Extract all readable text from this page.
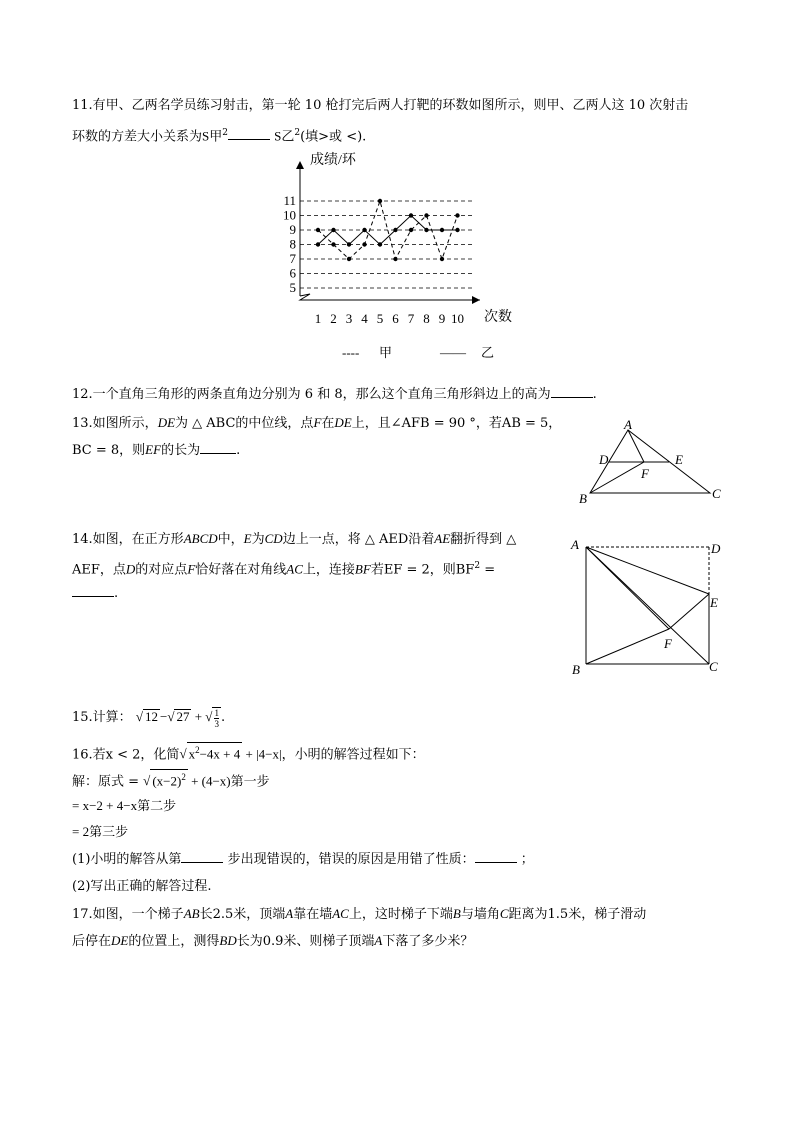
11.有甲、乙两名学员练习射击，第一轮 10 枪打完后两人打靶的环数如图所示，则甲、乙两人这 10 次射击
环数的方差大小关系为S甲$^2$	S乙$^2$(填>或 <).
5
6
7
8
9
10
11
1 2 3 4 5 6 7 8 9 10
成绩/环
次数
---- 甲	—— 乙
12.一个直角三角形的两条直角边分别为 6 和 8，那么这个直角三角形斜边上的高为	.
13.如图所示，DE为 △ ABC的中位线，点F在DE上，且∠AFB = 90 °，若AB = 5，
BC = 8，则EF的长为	.
A
B	C
D	E
F
14.如图，在正方形ABCD中，E为CD边上一点，将 △ AED沿着AE翻折得到 △
AEF，点D的对应点F恰好落在对角线AC上，连接BF若EF = 2，则$BF^2$ =
.
A	D
E
F
B	C
15.计算： √ 12 −√ 27 + √ $\frac{1}{3}$ .
16.若x < 2，化简√ $x^2-4x + 4 + |4-x|$，小明的解答过程如下：
解：原式 = √ $(x-2)^2 + (4-x)$第一步
= x−2 + 4−x第二步
= 2第三步
(1)小明的解答从第	步出现错误的，错误的原因是用错了性质：	；
(2)写出正确的解答过程.
17.如图，一个梯子AB长2.5米，顶端A靠在墙AC上，这时梯子下端B与墙角C距离为1.5米，梯子滑动
后停在DE的位置上，测得BD长为0.9米、则梯子顶端A下落了多少米？
